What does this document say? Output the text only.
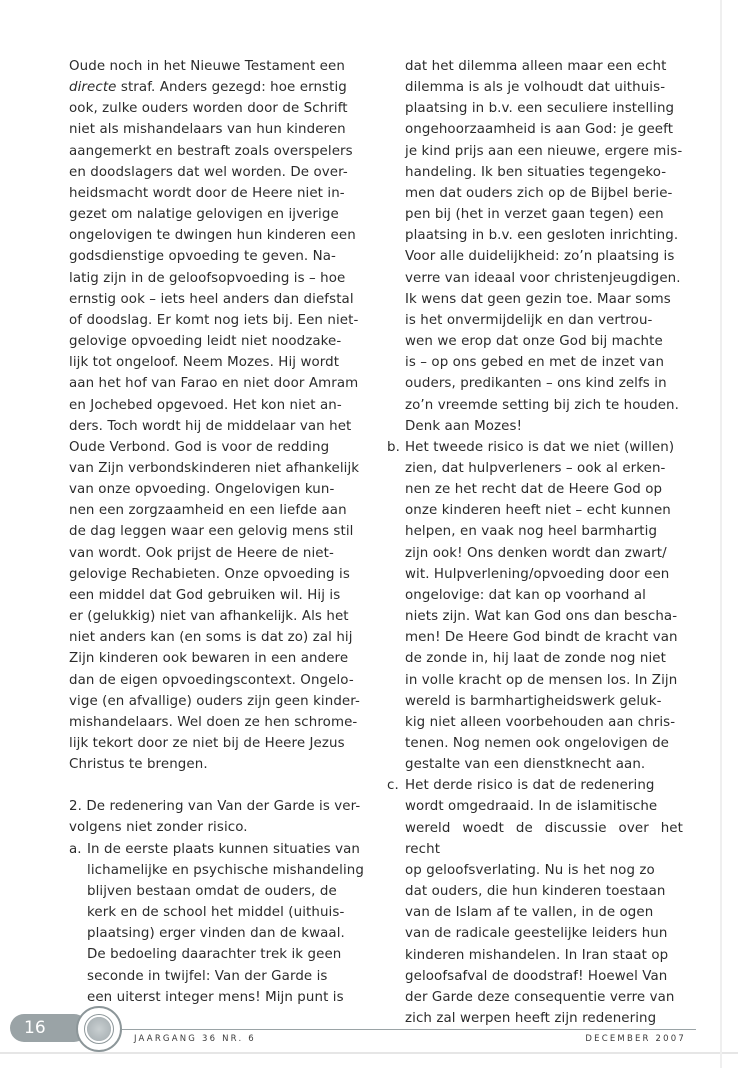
Oude noch in het Nieuwe Testament een
directe straf. Anders gezegd: hoe ernstig
ook, zulke ouders worden door de Schrift
niet als mishandelaars van hun kinderen
aangemerkt en bestraft zoals overspelers
en doodslagers dat wel worden. De over-
heidsmacht wordt door de Heere niet in-
gezet om nalatige gelovigen en ijverige
ongelovigen te dwingen hun kinderen een
godsdienstige opvoeding te geven. Na-
latig zijn in de geloofsopvoeding is – hoe
ernstig ook – iets heel anders dan diefstal
of doodslag. Er komt nog iets bij. Een niet-
gelovige opvoeding leidt niet noodzake-
lijk tot ongeloof. Neem Mozes. Hij wordt
aan het hof van Farao en niet door Amram
en Jochebed opgevoed. Het kon niet an-
ders. Toch wordt hij de middelaar van het
Oude Verbond. God is voor de redding
van Zijn verbondskinderen niet afhankelijk
van onze opvoeding. Ongelovigen kun-
nen een zorgzaamheid en een liefde aan
de dag leggen waar een gelovig mens stil
van wordt. Ook prijst de Heere de niet-
gelovige Rechabieten. Onze opvoeding is
een middel dat God gebruiken wil. Hij is
er (gelukkig) niet van afhankelijk. Als het
niet anders kan (en soms is dat zo) zal hij
Zijn kinderen ook bewaren in een andere
dan de eigen opvoedingscontext. Ongelo-
vige (en afvallige) ouders zijn geen kinder-
mishandelaars. Wel doen ze hen schrome-
lijk tekort door ze niet bij de Heere Jezus
Christus te brengen.
2. De redenering van Van der Garde is ver-
volgens niet zonder risico.
a. In de eerste plaats kunnen situaties van
lichamelijke en psychische mishandeling
blijven bestaan omdat de ouders, de
kerk en de school het middel (uithuis-
plaatsing) erger vinden dan de kwaal.
De bedoeling daarachter trek ik geen
seconde in twijfel: Van der Garde is
een uiterst integer mens! Mijn punt is
dat het dilemma alleen maar een echt
dilemma is als je volhoudt dat uithuis-
plaatsing in b.v. een seculiere instelling
ongehoorzaamheid is aan God: je geeft
je kind prijs aan een nieuwe, ergere mis-
handeling. Ik ben situaties tegengeko-
men dat ouders zich op de Bijbel berie-
pen bij (het in verzet gaan tegen) een
plaatsing in b.v. een gesloten inrichting.
Voor alle duidelijkheid: zo’n plaatsing is
verre van ideaal voor christenjeugdigen.
Ik wens dat geen gezin toe. Maar soms
is het onvermijdelijk en dan vertrou-
wen we erop dat onze God bij machte
is – op ons gebed en met de inzet van
ouders, predikanten – ons kind zelfs in
zo’n vreemde setting bij zich te houden.
Denk aan Mozes!
b. Het tweede risico is dat we niet (willen)
zien, dat hulpverleners – ook al erken-
nen ze het recht dat de Heere God op
onze kinderen heeft niet – echt kunnen
helpen, en vaak nog heel barmhartig
zijn ook! Ons denken wordt dan zwart/
wit. Hulpverlening/opvoeding door een
ongelovige: dat kan op voorhand al
niets zijn. Wat kan God ons dan bescha-
men! De Heere God bindt de kracht van
de zonde in, hij laat de zonde nog niet
in volle kracht op de mensen los. In Zijn
wereld is barmhartigheidswerk geluk-
kig niet alleen voorbehouden aan chris-
tenen. Nog nemen ook ongelovigen de
gestalte van een dienstknecht aan.
c. Het derde risico is dat de redenering
wordt omgedraaid. In de islamitische
wereld woedt de discussie over het recht
op geloofsverlating. Nu is het nog zo
dat ouders, die hun kinderen toestaan
van de Islam af te vallen, in de ogen
van de radicale geestelijke leiders hun
kinderen mishandelen. In Iran staat op
geloofsafval de doodstraf! Hoewel Van
der Garde deze consequentie verre van
zich zal werpen heeft zijn redenering
16
JAARGANG 36 NR. 6	DECEMBER 2007
